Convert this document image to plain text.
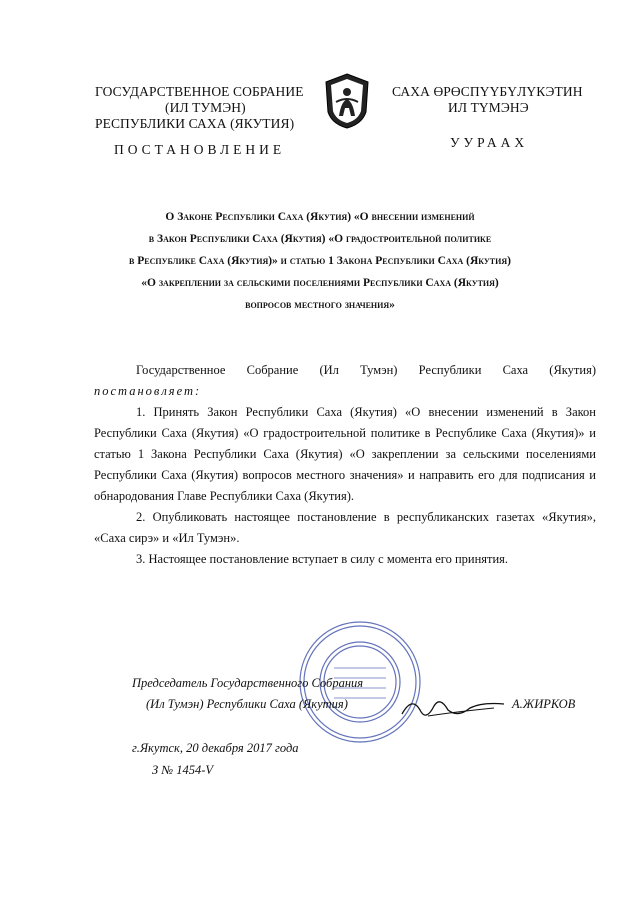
ГОСУДАРСТВЕННОЕ СОБРАНИЕ
(ИЛ ТУМЭН)
РЕСПУБЛИКИ САХА (ЯКУТИЯ)
САХА ӨРӨСПҮҮБҮЛҮКЭТИН
ИЛ ТҮМЭНЭ
ПОСТАНОВЛЕНИЕ	УУРААХ
О Законе Республики Саха (Якутия) «О внесении изменений
в Закон Республики Саха (Якутия) «О градостроительной политике
в Республике Саха (Якутия)» и статью 1 Закона Республики Саха (Якутия)
«О закреплении за сельскими поселениями Республики Саха (Якутия)
вопросов местного значения»

Государственное Собрание (Ил Тумэн) Республики Саха (Якутия)

постановляет:

1. Принять Закон Республики Саха (Якутия) «О внесении изменений в Закон Республики Саха (Якутия) «О градостроительной политике в Республике Саха (Якутия)» и статью 1 Закона Республики Саха (Якутия) «О закреплении за сельскими поселениями Республики Саха (Якутия) вопросов местного значения» и направить его для подписания и обнародования Главе Республики Саха (Якутия).

2. Опубликовать настоящее постановление в республиканских газетах «Якутия», «Саха сирэ» и «Ил Тумэн».

3. Настоящее постановление вступает в силу с момента его принятия.

Председатель Государственного Собрания
(Ил Тумэн) Республики Саха (Якутия)	А.ЖИРКОВ
г.Якутск, 20 декабря 2017 года
З № 1454-V
